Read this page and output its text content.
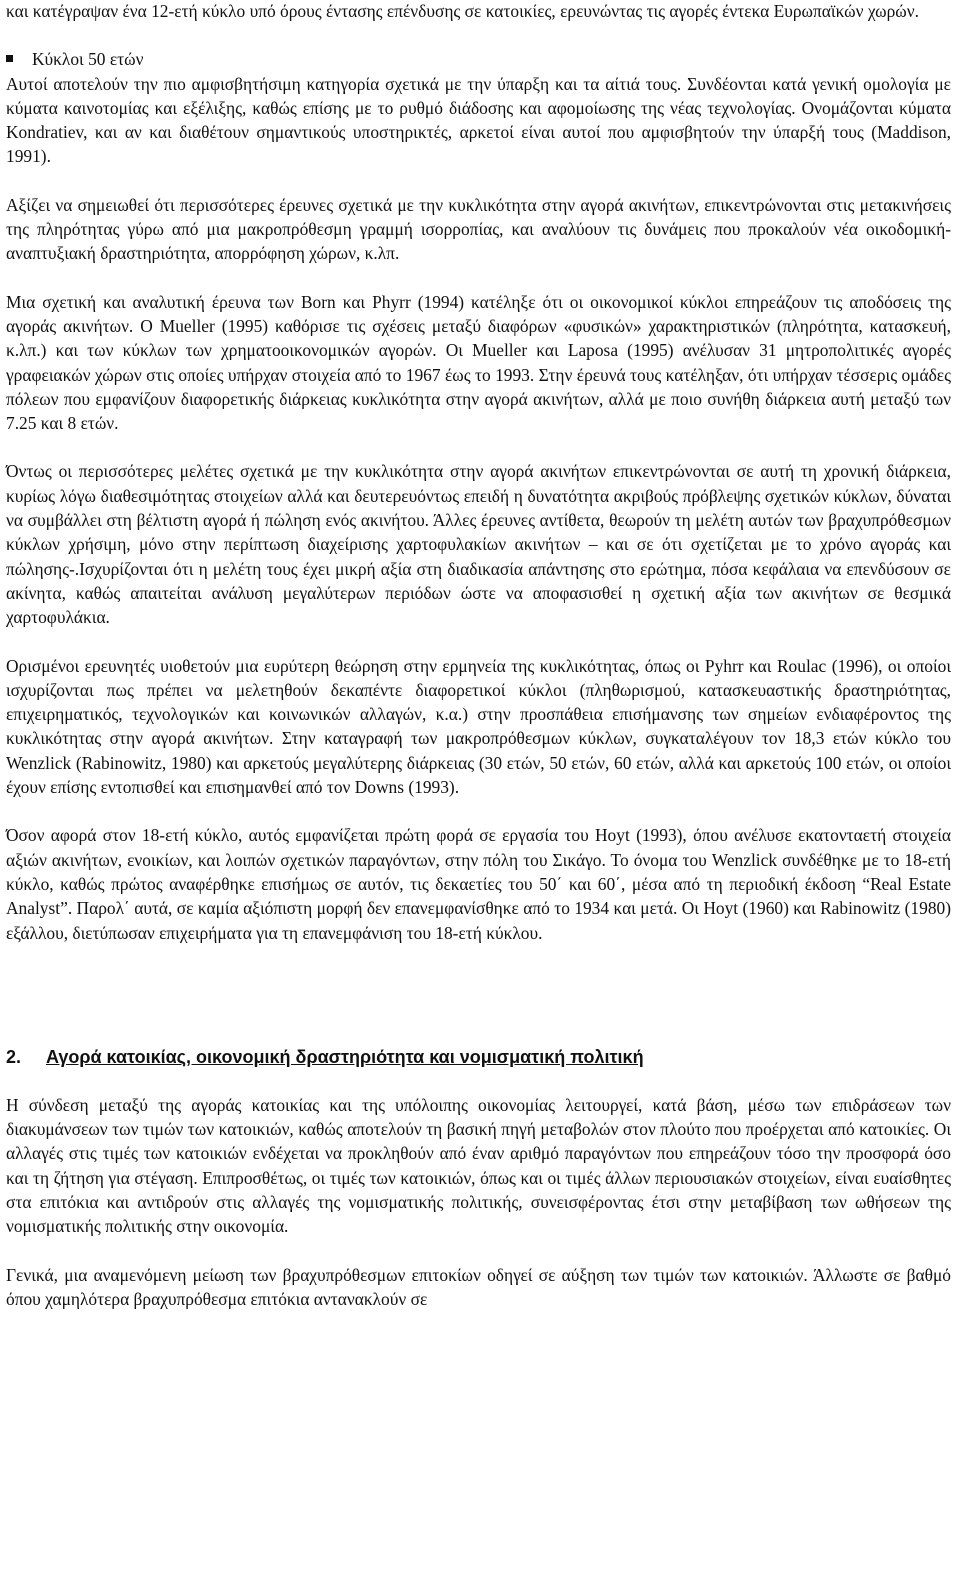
και κατέγραψαν ένα 12-ετή κύκλο υπό όρους έντασης επένδυσης σε κατοικίες, ερευνώντας τις αγορές έντεκα Ευρωπαϊκών χωρών.

Κύκλοι 50 ετών

Αυτοί αποτελούν την πιο αμφισβητήσιμη κατηγορία σχετικά με την ύπαρξη και τα αίτιά τους. Συνδέονται κατά γενική ομολογία με κύματα καινοτομίας και εξέλιξης, καθώς επίσης με το ρυθμό διάδοσης και αφομοίωσης της νέας τεχνολογίας. Ονομάζονται κύματα Kondratiev, και αν και διαθέτουν σημαντικούς υποστηρικτές, αρκετοί είναι αυτοί που αμφισβητούν την ύπαρξή τους (Maddison, 1991).

Αξίζει να σημειωθεί ότι περισσότερες έρευνες σχετικά με την κυκλικότητα στην αγορά ακινήτων, επικεντρώνονται στις μετακινήσεις της πληρότητας γύρω από μια μακροπρόθεσμη γραμμή ισορροπίας, και αναλύουν τις δυνάμεις που προκαλούν νέα οικοδομική-αναπτυξιακή δραστηριότητα, απορρόφηση χώρων, κ.λπ.

Μια σχετική και αναλυτική έρευνα των Born και Phyrr (1994) κατέληξε ότι οι οικονομικοί κύκλοι επηρεάζουν τις αποδόσεις της αγοράς ακινήτων. Ο Mueller (1995) καθόρισε τις σχέσεις μεταξύ διαφόρων «φυσικών» χαρακτηριστικών (πληρότητα, κατασκευή, κ.λπ.) και των κύκλων των χρηματοοικονομικών αγορών. Οι Mueller και Laposa (1995) ανέλυσαν 31 μητροπολιτικές αγορές γραφειακών χώρων στις οποίες υπήρχαν στοιχεία από το 1967 έως το 1993. Στην έρευνά τους κατέληξαν, ότι υπήρχαν τέσσερις ομάδες πόλεων που εμφανίζουν διαφορετικής διάρκειας κυκλικότητα στην αγορά ακινήτων, αλλά με ποιο συνήθη διάρκεια αυτή μεταξύ των 7.25 και 8 ετών.

Όντως οι περισσότερες μελέτες σχετικά με την κυκλικότητα στην αγορά ακινήτων επικεντρώνονται σε αυτή τη χρονική διάρκεια, κυρίως λόγω διαθεσιμότητας στοιχείων αλλά και δευτερευόντως επειδή η δυνατότητα ακριβούς πρόβλεψης σχετικών κύκλων, δύναται να συμβάλλει στη βέλτιστη αγορά ή πώληση ενός ακινήτου. Άλλες έρευνες αντίθετα, θεωρούν τη μελέτη αυτών των βραχυπρόθεσμων κύκλων χρήσιμη, μόνο στην περίπτωση διαχείρισης χαρτοφυλακίων ακινήτων – και σε ότι σχετίζεται με το χρόνο αγοράς και πώλησης-.Ισχυρίζονται ότι η μελέτη τους έχει μικρή αξία στη διαδικασία απάντησης στο ερώτημα, πόσα κεφάλαια να επενδύσουν σε ακίνητα, καθώς απαιτείται ανάλυση μεγαλύτερων περιόδων ώστε να αποφασισθεί η σχετική αξία των ακινήτων σε θεσμικά χαρτοφυλάκια.

Ορισμένοι ερευνητές υιοθετούν μια ευρύτερη θεώρηση στην ερμηνεία της κυκλικότητας, όπως οι Pyhrr και Roulac (1996), οι οποίοι ισχυρίζονται πως πρέπει να μελετηθούν δεκαπέντε διαφορετικοί κύκλοι (πληθωρισμού, κατασκευαστικής δραστηριότητας, επιχειρηματικός, τεχνολογικών και κοινωνικών αλλαγών, κ.α.) στην προσπάθεια επισήμανσης των σημείων ενδιαφέροντος της κυκλικότητας στην αγορά ακινήτων. Στην καταγραφή των μακροπρόθεσμων κύκλων, συγκαταλέγουν τον 18,3 ετών κύκλο του Wenzlick (Rabinowitz, 1980) και αρκετούς μεγαλύτερης διάρκειας (30 ετών, 50 ετών, 60 ετών, αλλά και αρκετούς 100 ετών, οι οποίοι έχουν επίσης εντοπισθεί και επισημανθεί από τον Downs (1993).

Όσον αφορά στον 18-ετή κύκλο, αυτός εμφανίζεται πρώτη φορά σε εργασία του Hoyt (1993), όπου ανέλυσε εκατονταετή στοιχεία αξιών ακινήτων, ενοικίων, και λοιπών σχετικών παραγόντων, στην πόλη του Σικάγο. Το όνομα του Wenzlick συνδέθηκε με το 18-ετή κύκλο, καθώς πρώτος αναφέρθηκε επισήμως σε αυτόν, τις δεκαετίες του 50΄ και 60΄, μέσα από τη περιοδική έκδοση “Real Estate Analyst”. Παρολ΄ αυτά, σε καμία αξιόπιστη μορφή δεν επανεμφανίσθηκε από το 1934 και μετά. Οι Hoyt (1960) και Rabinowitz (1980) εξάλλου, διετύπωσαν επιχειρήματα για τη επανεμφάνιση του 18-ετή κύκλου.

2.	Αγορά κατοικίας, οικονομική δραστηριότητα και νομισματική πολιτική

Η σύνδεση μεταξύ της αγοράς κατοικίας και της υπόλοιπης οικονομίας λειτουργεί, κατά βάση, μέσω των επιδράσεων των διακυμάνσεων των τιμών των κατοικιών, καθώς αποτελούν τη βασική πηγή μεταβολών στον πλούτο που προέρχεται από κατοικίες. Οι αλλαγές στις τιμές των κατοικιών ενδέχεται να προκληθούν από έναν αριθμό παραγόντων που επηρεάζουν τόσο την προσφορά όσο και τη ζήτηση για στέγαση. Επιπροσθέτως, οι τιμές των κατοικιών, όπως και οι τιμές άλλων περιουσιακών στοιχείων, είναι ευαίσθητες στα επιτόκια και αντιδρούν στις αλλαγές της νομισματικής πολιτικής, συνεισφέροντας έτσι στην μεταβίβαση των ωθήσεων της νομισματικής πολιτικής στην οικονομία.

Γενικά, μια αναμενόμενη μείωση των βραχυπρόθεσμων επιτοκίων οδηγεί σε αύξηση των τιμών των κατοικιών. Άλλωστε σε βαθμό όπου χαμηλότερα βραχυπρόθεσμα επιτόκια αντανακλούν σε
